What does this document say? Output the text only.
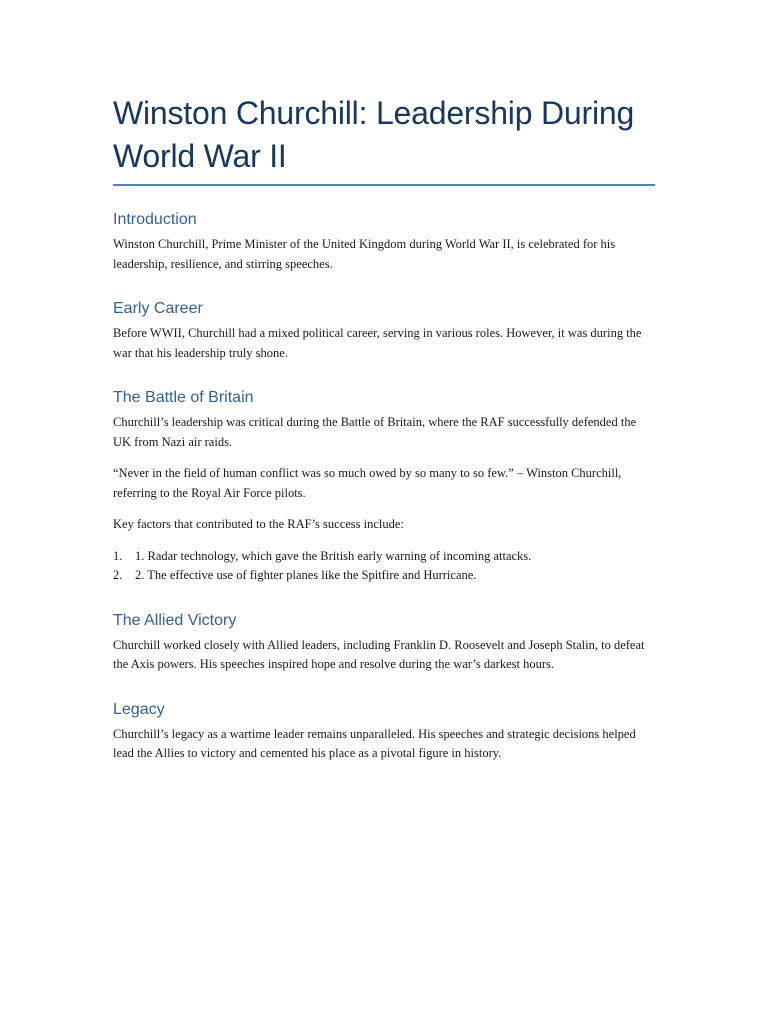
Winston Churchill: Leadership During World War II
Introduction

Winston Churchill, Prime Minister of the United Kingdom during World War II, is celebrated for his leadership, resilience, and stirring speeches.

Early Career

Before WWII, Churchill had a mixed political career, serving in various roles. However, it was during the war that his leadership truly shone.

The Battle of Britain

Churchill’s leadership was critical during the Battle of Britain, where the RAF successfully defended the UK from Nazi air raids.

“Never in the field of human conflict was so much owed by so many to so few.” – Winston Churchill, referring to the Royal Air Force pilots.

Key factors that contributed to the RAF’s success include:

1. 1. Radar technology, which gave the British early warning of incoming attacks.
2. 2. The effective use of fighter planes like the Spitfire and Hurricane.
The Allied Victory

Churchill worked closely with Allied leaders, including Franklin D. Roosevelt and Joseph Stalin, to defeat the Axis powers. His speeches inspired hope and resolve during the war’s darkest hours.

Legacy

Churchill’s legacy as a wartime leader remains unparalleled. His speeches and strategic decisions helped lead the Allies to victory and cemented his place as a pivotal figure in history.
